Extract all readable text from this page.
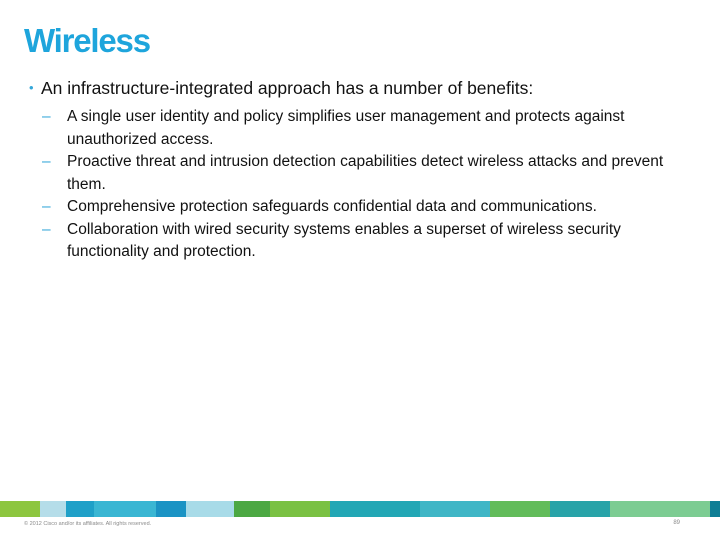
Wireless
• An infrastructure-integrated approach has a number of benefits:
– A single user identity and policy simplifies user management and protects against unauthorized access.
– Proactive threat and intrusion detection capabilities detect wireless attacks and prevent them.
– Comprehensive protection safeguards confidential data and communications.
– Collaboration with wired security systems enables a superset of wireless security functionality and protection.
© 2012 Cisco and/or its affiliates. All rights reserved.	89
